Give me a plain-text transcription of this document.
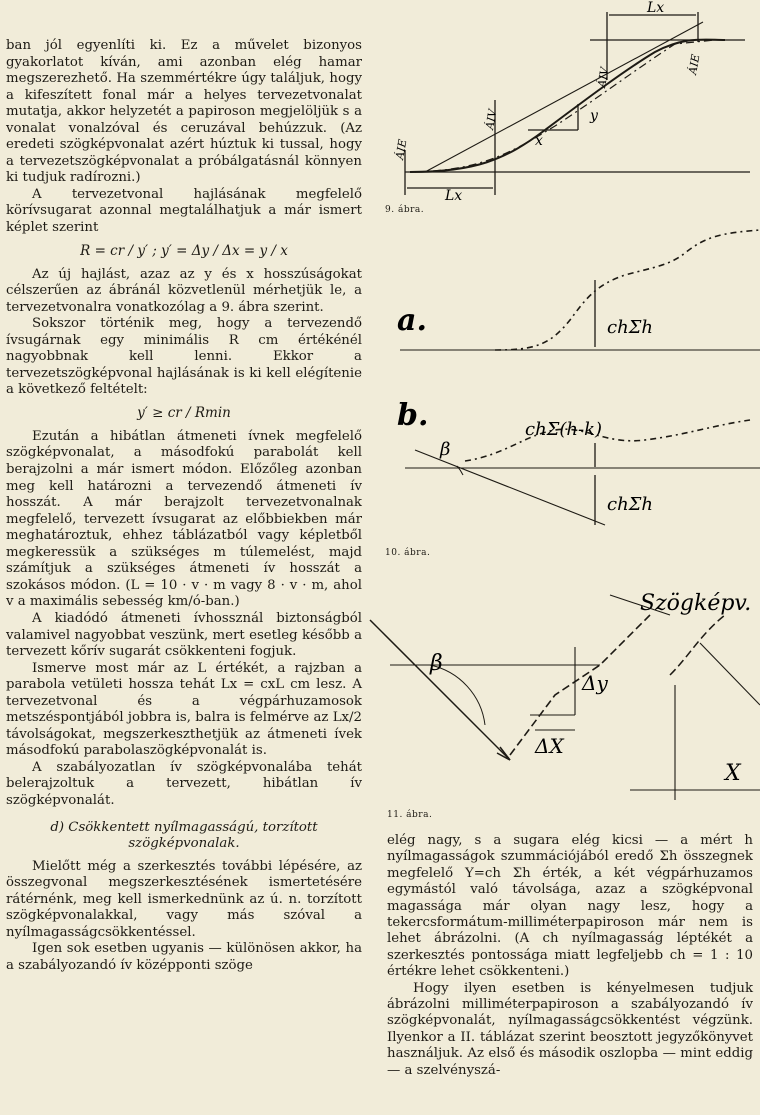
ban jól egyenlíti ki. Ez a művelet bizonyos gyakorlatot kíván, ami azonban elég hamar megszerezhető. Ha szemmértékre úgy találjuk, hogy a kifeszített fonal már a helyes tervezetvonalat mutatja, akkor helyzetét a papiroson megjelöljük s a vonalat vonalzóval és ceruzával behúzzuk. (Az eredeti szögképvonalat azért húztuk ki tussal, hogy a tervezetszögképvonalat a próbálgatásnál könnyen ki tudjuk radírozni.)

A tervezetvonal hajlásának megfelelő körívsugarat azonnal megtalálhatjuk a már ismert képlet szerint

R = cr / y′ ; y′ = Δy / Δx = y / x

Az új hajlást, azaz az y és x hosszúságokat célszerűen az ábránál közvetlenül mérhetjük le, a tervezetvonalra vonatkozólag a 9. ábra szerint.

Sokszor történik meg, hogy a tervezendő ívsugárnak egy minimális R cm értékénél nagyobbnak kell lenni. Ekkor a tervezetszögképvonal hajlásának is ki kell elégítenie a következő feltételt:

y′ ≥ cr / Rmin

Ezután a hibátlan átmeneti ívnek megfelelő szögképvonalat, a másodfokú parabolát kell berajzolni a már ismert módon. Előzőleg azonban meg kell határozni a tervezendő átmeneti ív hosszát. A már berajzolt tervezetvonalnak megfelelő, tervezett ívsugarat az előbbiekben már meghatároztuk, ehhez táblázatból vagy képletből megkeressük a szükséges m túlemelést, majd számítjuk a szükséges átmeneti ív hosszát a szokásos módon. (L = 10 · v · m vagy 8 · v · m, ahol v a maximális sebesség km/ó-ban.)

A kiadódó átmeneti ívhossznál biztonságból valamivel nagyobbat veszünk, mert esetleg később a tervezett kőrív sugarát csökkenteni fogjuk.

Ismerve most már az L értékét, a rajzban a parabola vetületi hossza tehát Lx = cxL cm lesz. A tervezetvonal és a végpárhuzamosok metszéspontjából jobbra is, balra is felmérve az Lx/2 távolságokat, megszerkeszthetjük az átmeneti ívek másodfokú parabolaszögképvonalát is.

A szabályozatlan ív szögképvonalába tehát belerajzoltuk a tervezett, hibátlan ív szögképvonalát.

d) Csökkentett nyílmagasságú, torzított szögképvonalak.

Mielőtt még a szerkesztés további lépésére, az összegvonal megszerkesztésének ismertetésére rátérnénk, meg kell ismerkednünk az ú. n. torzított szögképvonalakkal, vagy más szóval a nyílmagasságcsökkentéssel.

Igen sok esetben ugyanis — különösen akkor, ha a szabályozandó ív középponti szöge

Lx
Lx
x
y
ÁIE
ÁIV
ÁIV
ÁIE
9. ábra.
a.
b.
chΣh
chΣh
chΣ(h-k)
β
10. ábra.
Szögképv.
β
Δy
ΔX
X
11. ábra.

elég nagy, s a sugara elég kicsi — a mért h nyílmagasságok szummációjából eredő Σh összegnek megfelelő Y=ch Σh érték, a két végpárhuzamos egymástól való távolsága, azaz a szögképvonal magassága már olyan nagy lesz, hogy a tekercsformátum-milliméterpapiroson már nem is lehet ábrázolni. (A ch nyílmagasság léptékét a szerkesztés pontossága miatt legfeljebb ch = 1 : 10 értékre lehet csökkenteni.)

Hogy ilyen esetben is kényelmesen tudjuk ábrázolni milliméterpapiroson a szabályozandó ív szögképvonalát, nyílmagasságcsökkentést végzünk. Ilyenkor a II. táblázat szerint beosztott jegyzőkönyvet használjuk. Az első és második oszlopba — mint eddig — a szelvényszá-
